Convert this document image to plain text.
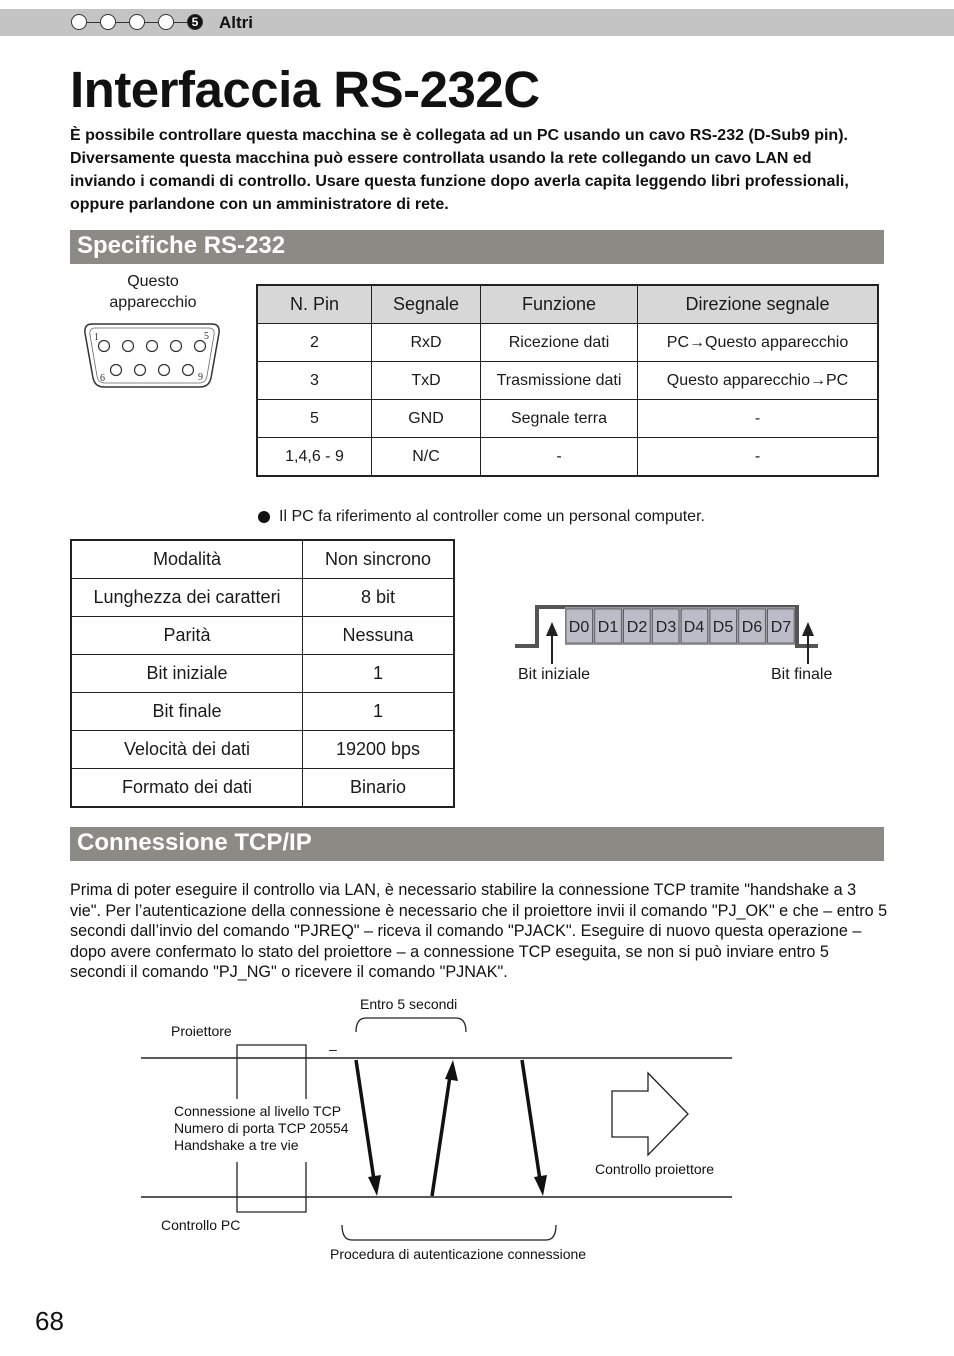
5 Altri
Interfaccia RS-232C
È possibile controllare questa macchina se è collegata ad un PC usando un cavo RS-232 (D-Sub9 pin). Diversamente questa macchina può essere controllata usando la rete collegando un cavo LAN ed inviando i comandi di controllo. Usare questa funzione dopo averla capita leggendo libri professionali, oppure parlandone con un amministratore di rete.
Specifiche RS-232
Questo apparecchio
1	5
6	9
N. Pin	Segnale	Funzione	Direzione segnale
2	RxD	Ricezione dati	PC→Questo apparecchio
3	TxD	Trasmissione dati	Questo apparecchio→PC
5	GND	Segnale terra	-
1,4,6 - 9	N/C	-	-
Il PC fa riferimento al controller come un personal computer.
Modalità	Non sincrono
Lunghezza dei caratteri	8 bit
Parità	Nessuna
Bit iniziale	1
Bit finale	1
Velocità dei dati	19200 bps
Formato dei dati	Binario
D0 D1 D2 D3 D4 D5 D6 D7
Bit iniziale	Bit finale
Connessione TCP/IP
Prima di poter eseguire il controllo via LAN, è necessario stabilire la connessione TCP tramite "handshake a 3 vie". Per l’autenticazione della connessione è necessario che il proiettore invii il comando "PJ_OK" e che – entro 5 secondi dall’invio del comando "PJREQ" – riceva il comando "PJACK". Eseguire di nuovo questa operazione – dopo avere confermato lo stato del proiettore – a connessione TCP eseguita, se non si può inviare entro 5 secondi il comando "PJ_NG" o ricevere il comando "PJNAK".
Proiettore
Entro 5 secondi
–
Connessione al livello TCP
Numero di porta TCP 20554
Handshake a tre vie
Controllo proiettore
Controllo PC
Procedura di autenticazione connessione
68
